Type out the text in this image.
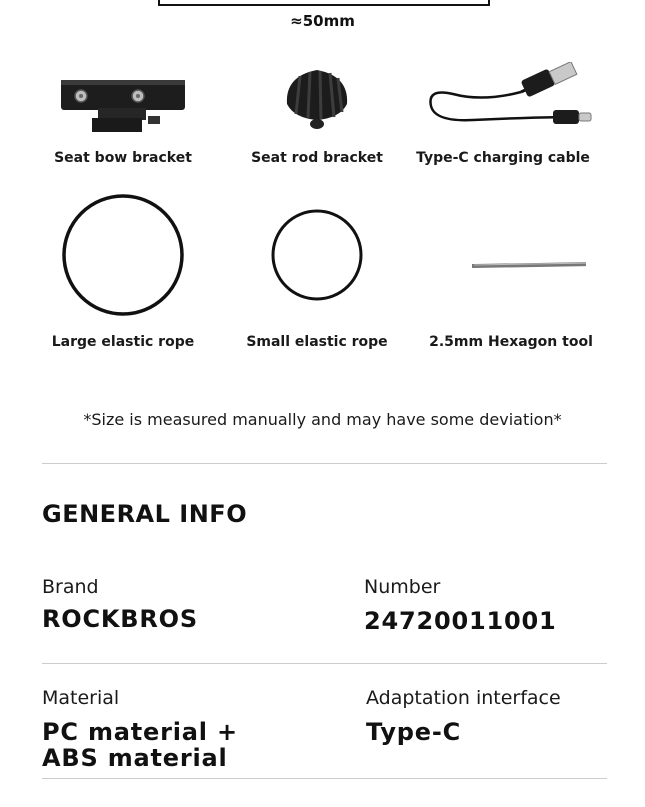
≈50mm
Seat bow bracket	Seat rod bracket	Type-C charging cable
Large elastic rope	Small elastic rope	2.5mm Hexagon tool
*Size is measured manually and may have some deviation*
GENERAL INFO
Brand
ROCKBROS
Number
24720011001
Material
PC material +
ABS material
Adaptation interface
Type-C
